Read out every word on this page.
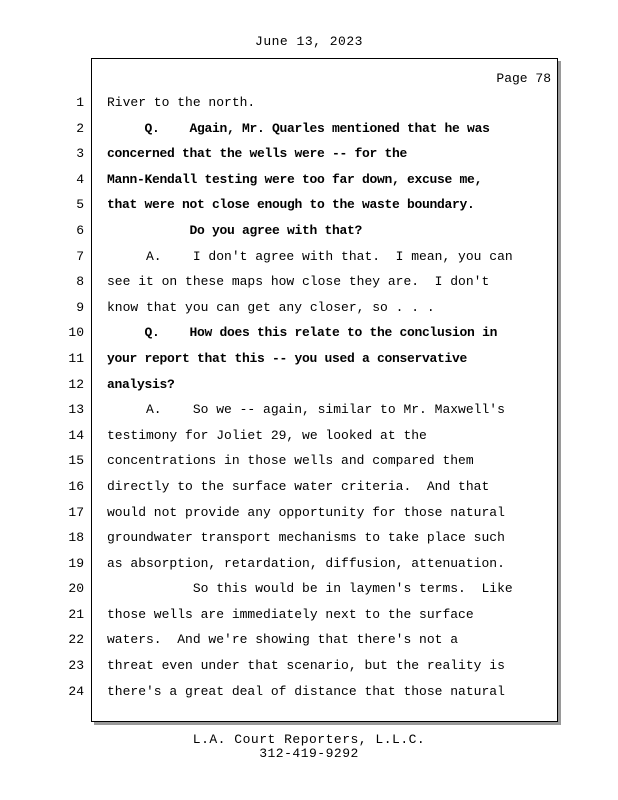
June 13, 2023
Page 78
1
2
3
4
5
6
7
8
9
10
11
12
13
14
15
16
17
18
19
20
21
22
23
24
River to the north.
Q.    Again, Mr. Quarles mentioned that he was
concerned that the wells were -- for the
Mann-Kendall testing were too far down, excuse me,
that were not close enough to the waste boundary.
Do you agree with that?
A.    I don't agree with that.  I mean, you can
see it on these maps how close they are.  I don't
know that you can get any closer, so . . .
Q.    How does this relate to the conclusion in
your report that this -- you used a conservative
analysis?
A.    So we -- again, similar to Mr. Maxwell's
testimony for Joliet 29, we looked at the
concentrations in those wells and compared them
directly to the surface water criteria.  And that
would not provide any opportunity for those natural
groundwater transport mechanisms to take place such
as absorption, retardation, diffusion, attenuation.
So this would be in laymen's terms.  Like
those wells are immediately next to the surface
waters.  And we're showing that there's not a
threat even under that scenario, but the reality is
there's a great deal of distance that those natural
L.A. Court Reporters, L.L.C.
312-419-9292
